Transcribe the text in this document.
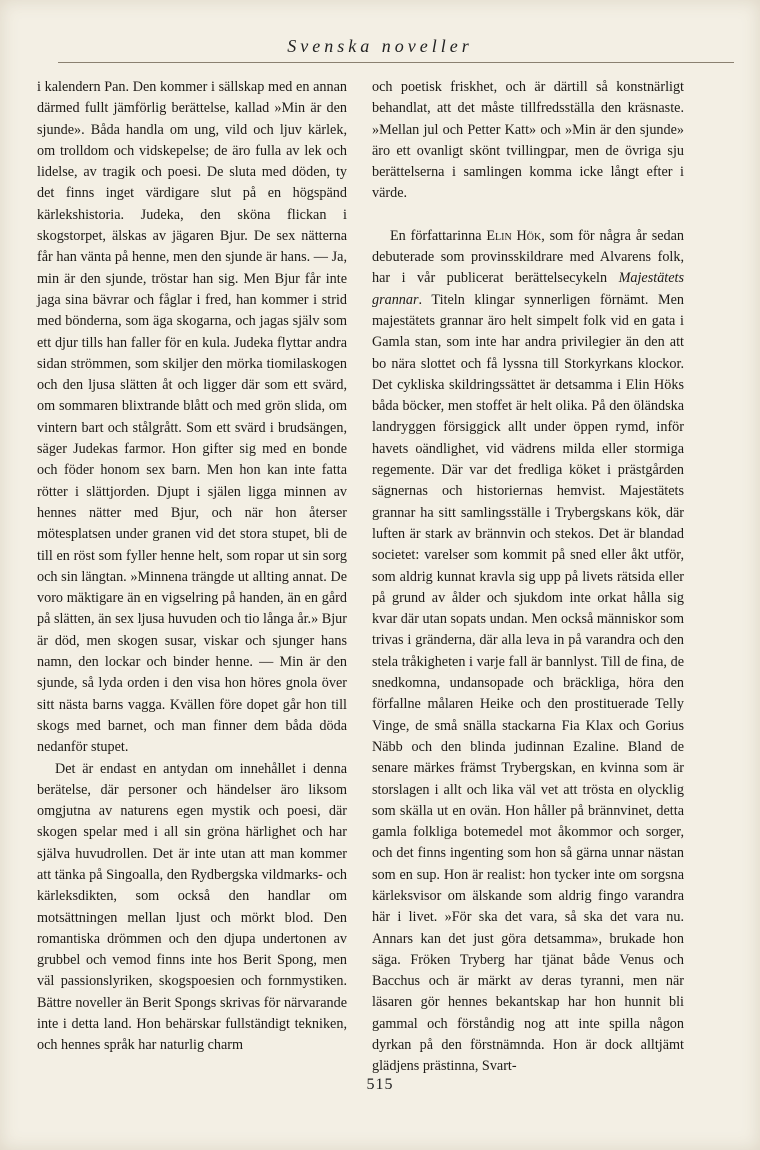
Svenska noveller

i kalendern Pan. Den kommer i sällskap med en annan därmed fullt jämförlig berättelse, kallad »Min är den sjunde». Båda handla om ung, vild och ljuv kärlek, om trolldom och vidskepelse; de äro fulla av lek och lidelse, av tragik och poesi. De sluta med döden, ty det finns inget värdigare slut på en högspänd kärlekshistoria. Judeka, den sköna flickan i skogstorpet, älskas av jägaren Bjur. De sex nätterna får han vänta på henne, men den sjunde är hans. — Ja, min är den sjunde, tröstar han sig. Men Bjur får inte jaga sina bävrar och fåglar i fred, han kommer i strid med bönderna, som äga skogarna, och jagas själv som ett djur tills han faller för en kula. Judeka flyttar andra sidan strömmen, som skiljer den mörka tiomilaskogen och den ljusa slätten åt och ligger där som ett svärd, om sommaren blixtrande blått och med grön slida, om vintern bart och stålgrått. Som ett svärd i brudsängen, säger Judekas farmor. Hon gifter sig med en bonde och föder honom sex barn. Men hon kan inte fatta rötter i slättjorden. Djupt i själen ligga minnen av hennes nätter med Bjur, och när hon återser mötesplatsen under granen vid det stora stupet, bli de till en röst som fyller henne helt, som ropar ut sin sorg och sin längtan. »Minnena trängde ut allting annat. De voro mäktigare än en vigselring på handen, än en gård på slätten, än sex ljusa huvuden och tio långa år.» Bjur är död, men skogen susar, viskar och sjunger hans namn, den lockar och binder henne. — Min är den sjunde, så lyda orden i den visa hon höres gnola över sitt nästa barns vagga. Kvällen före dopet går hon till skogs med barnet, och man finner dem båda döda nedanför stupet.

Det är endast en antydan om innehållet i denna berätelse, där personer och händelser äro liksom omgjutna av naturens egen mystik och poesi, där skogen spelar med i all sin gröna härlighet och har själva huvudrollen. Det är inte utan att man kommer att tänka på Singoalla, den Rydbergska vildmarks- och kärleksdikten, som också den handlar om motsättningen mellan ljust och mörkt blod. Den romantiska drömmen och den djupa undertonen av grubbel och vemod finns inte hos Berit Spong, men väl passionslyriken, skogspoesien och fornmystiken. Bättre noveller än Berit Spongs skrivas för närvarande inte i detta land. Hon behärskar fullständigt tekniken, och hennes språk har naturlig charm

och poetisk friskhet, och är därtill så konstnärligt behandlat, att det måste tillfredsställa den kräsnaste. »Mellan jul och Petter Katt» och »Min är den sjunde» äro ett ovanligt skönt tvillingpar, men de övriga sju berättelserna i samlingen komma icke långt efter i värde.

En författarinna Elin Hök, som för några år sedan debuterade som provinsskildrare med Alvarens folk, har i vår publicerat berättelsecykeln Majestätets grannar. Titeln klingar synnerligen förnämt. Men majestätets grannar äro helt simpelt folk vid en gata i Gamla stan, som inte har andra privilegier än den att bo nära slottet och få lyssna till Storkyrkans klockor. Det cykliska skildringssättet är detsamma i Elin Höks båda böcker, men stoffet är helt olika. På den öländska landryggen försiggick allt under öppen rymd, inför havets oändlighet, vid vädrens milda eller stormiga regemente. Där var det fredliga köket i prästgården sägnernas och historiernas hemvist. Majestätets grannar ha sitt samlingsställe i Trybergskans kök, där luften är stark av brännvin och stekos. Det är blandad societet: varelser som kommit på sned eller åkt utför, som aldrig kunnat kravla sig upp på livets rätsida eller på grund av ålder och sjukdom inte orkat hålla sig kvar där utan sopats undan. Men också människor som trivas i gränderna, där alla leva in på varandra och den stela tråkigheten i varje fall är bannlyst. Till de fina, de snedkomna, undansopade och bräckliga, höra den förfallne målaren Heike och den prostituerade Telly Vinge, de små snälla stackarna Fia Klax och Gorius Näbb och den blinda judinnan Ezaline. Bland de senare märkes främst Trybergskan, en kvinna som är storslagen i allt och lika väl vet att trösta en olycklig som skälla ut en ovän. Hon håller på brännvinet, detta gamla folkliga botemedel mot åkommor och sorger, och det finns ingenting som hon så gärna unnar nästan som en sup. Hon är realist: hon tycker inte om sorgsna kärleksvisor om älskande som aldrig fingo varandra här i livet. »För ska det vara, så ska det vara nu. Annars kan det just göra detsamma», brukade hon säga. Fröken Tryberg har tjänat både Venus och Bacchus och är märkt av deras tyranni, men när läsaren gör hennes bekantskap har hon hunnit bli gammal och förståndig nog att inte spilla någon dyrkan på den förstnämnda. Hon är dock alltjämt glädjens prästinna, Svart-

515
